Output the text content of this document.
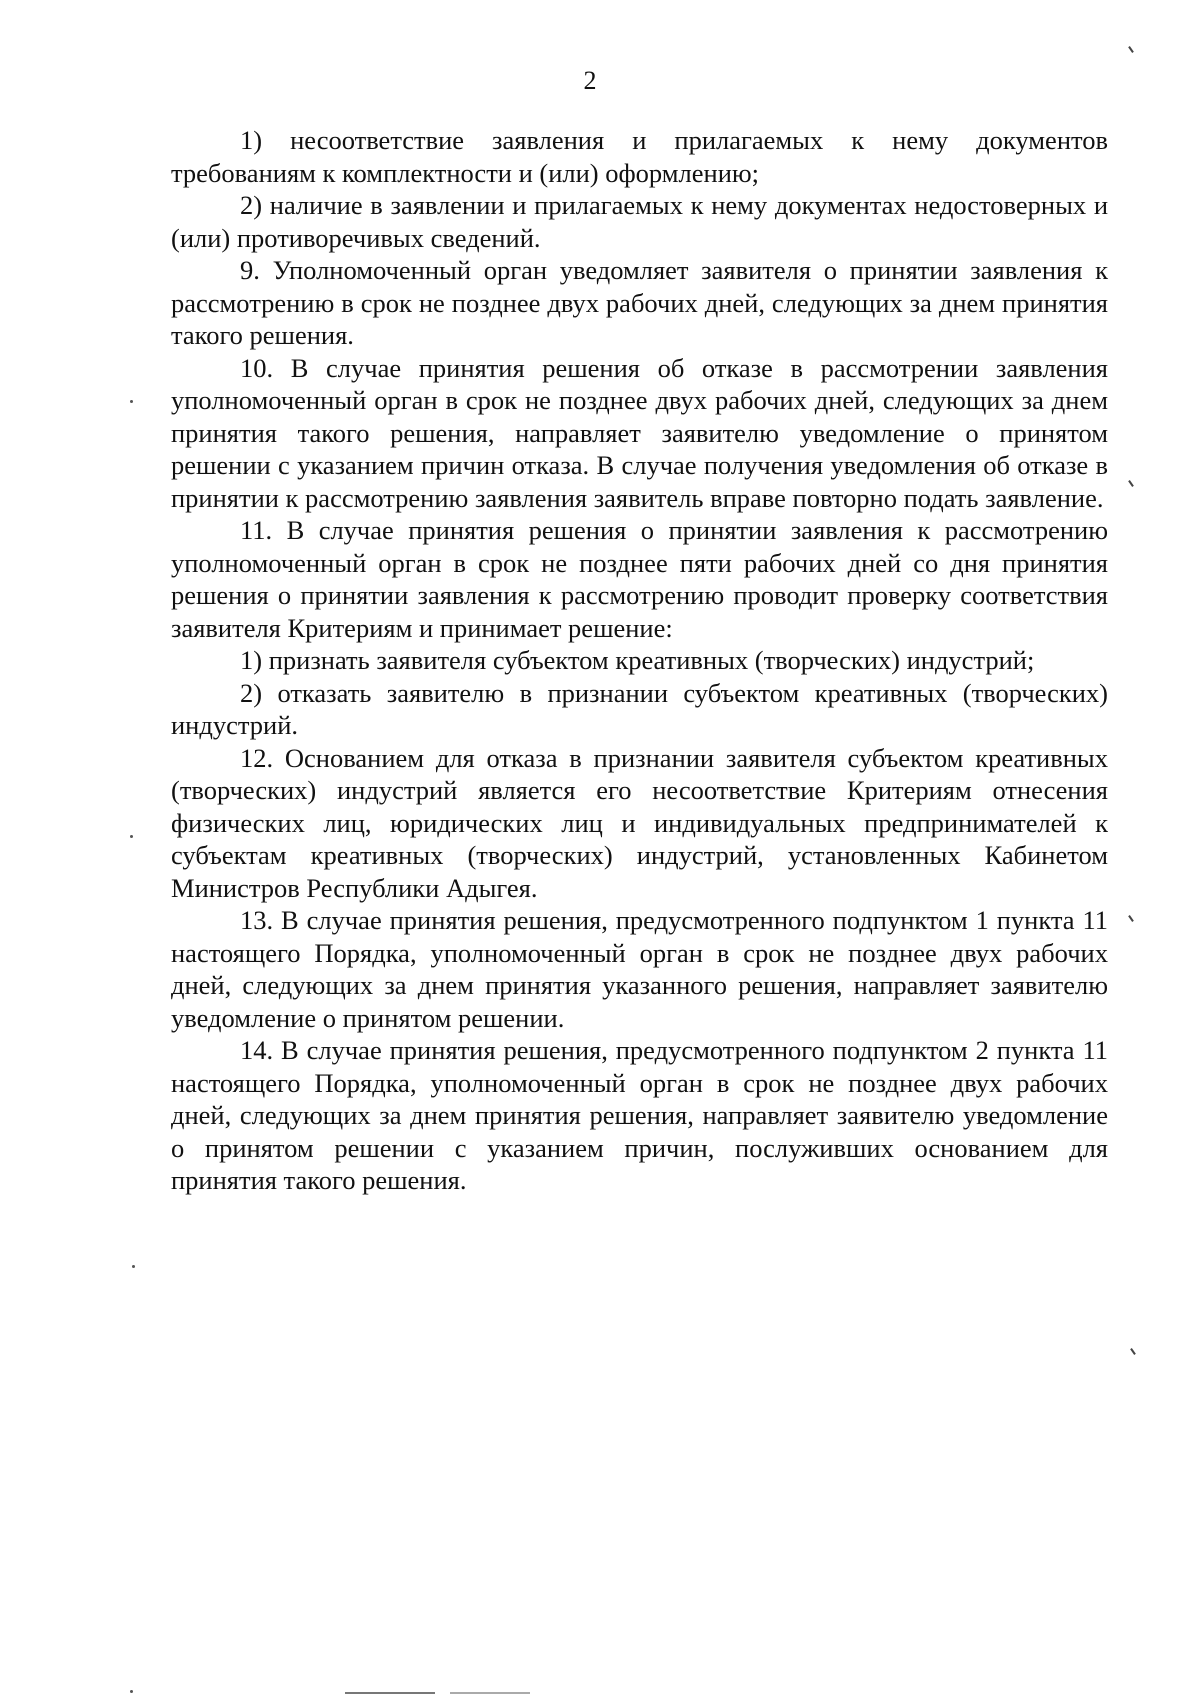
2

1) несоответствие заявления и прилагаемых к нему документов требованиям к комплектности и (или) оформлению;

2) наличие в заявлении и прилагаемых к нему документах недостоверных и (или) противоречивых сведений.

9. Уполномоченный орган уведомляет заявителя о принятии заявления к рассмотрению в срок не позднее двух рабочих дней, следующих за днем принятия такого решения.

10. В случае принятия решения об отказе в рассмотрении заявления уполномоченный орган в срок не позднее двух рабочих дней, следующих за днем принятия такого решения, направляет заявителю уведомление о принятом решении с указанием причин отказа. В случае получения уведомления об отказе в принятии к рассмотрению заявления заявитель вправе повторно подать заявление.

11. В случае принятия решения о принятии заявления к рассмотрению уполномоченный орган в срок не позднее пяти рабочих дней со дня принятия решения о принятии заявления к рассмотрению проводит проверку соответствия заявителя Критериям и принимает решение:

1) признать заявителя субъектом креативных (творческих) индустрий;

2) отказать заявителю в признании субъектом креативных (творческих) индустрий.

12. Основанием для отказа в признании заявителя субъектом креативных (творческих) индустрий является его несоответствие Критериям отнесения физических лиц, юридических лиц и индивидуальных предпринимателей к субъектам креативных (творческих) индустрий, установленных Кабинетом Министров Республики Адыгея.

13. В случае принятия решения, предусмотренного подпунктом 1 пункта 11 настоящего Порядка, уполномоченный орган в срок не позднее двух рабочих дней, следующих за днем принятия указанного решения, направляет заявителю уведомление о принятом решении.

14. В случае принятия решения, предусмотренного подпунктом 2 пункта 11 настоящего Порядка, уполномоченный орган в срок не позднее двух рабочих дней, следующих за днем принятия решения, направляет заявителю уведомление о принятом решении с указанием причин, послуживших основанием для принятия такого решения.
